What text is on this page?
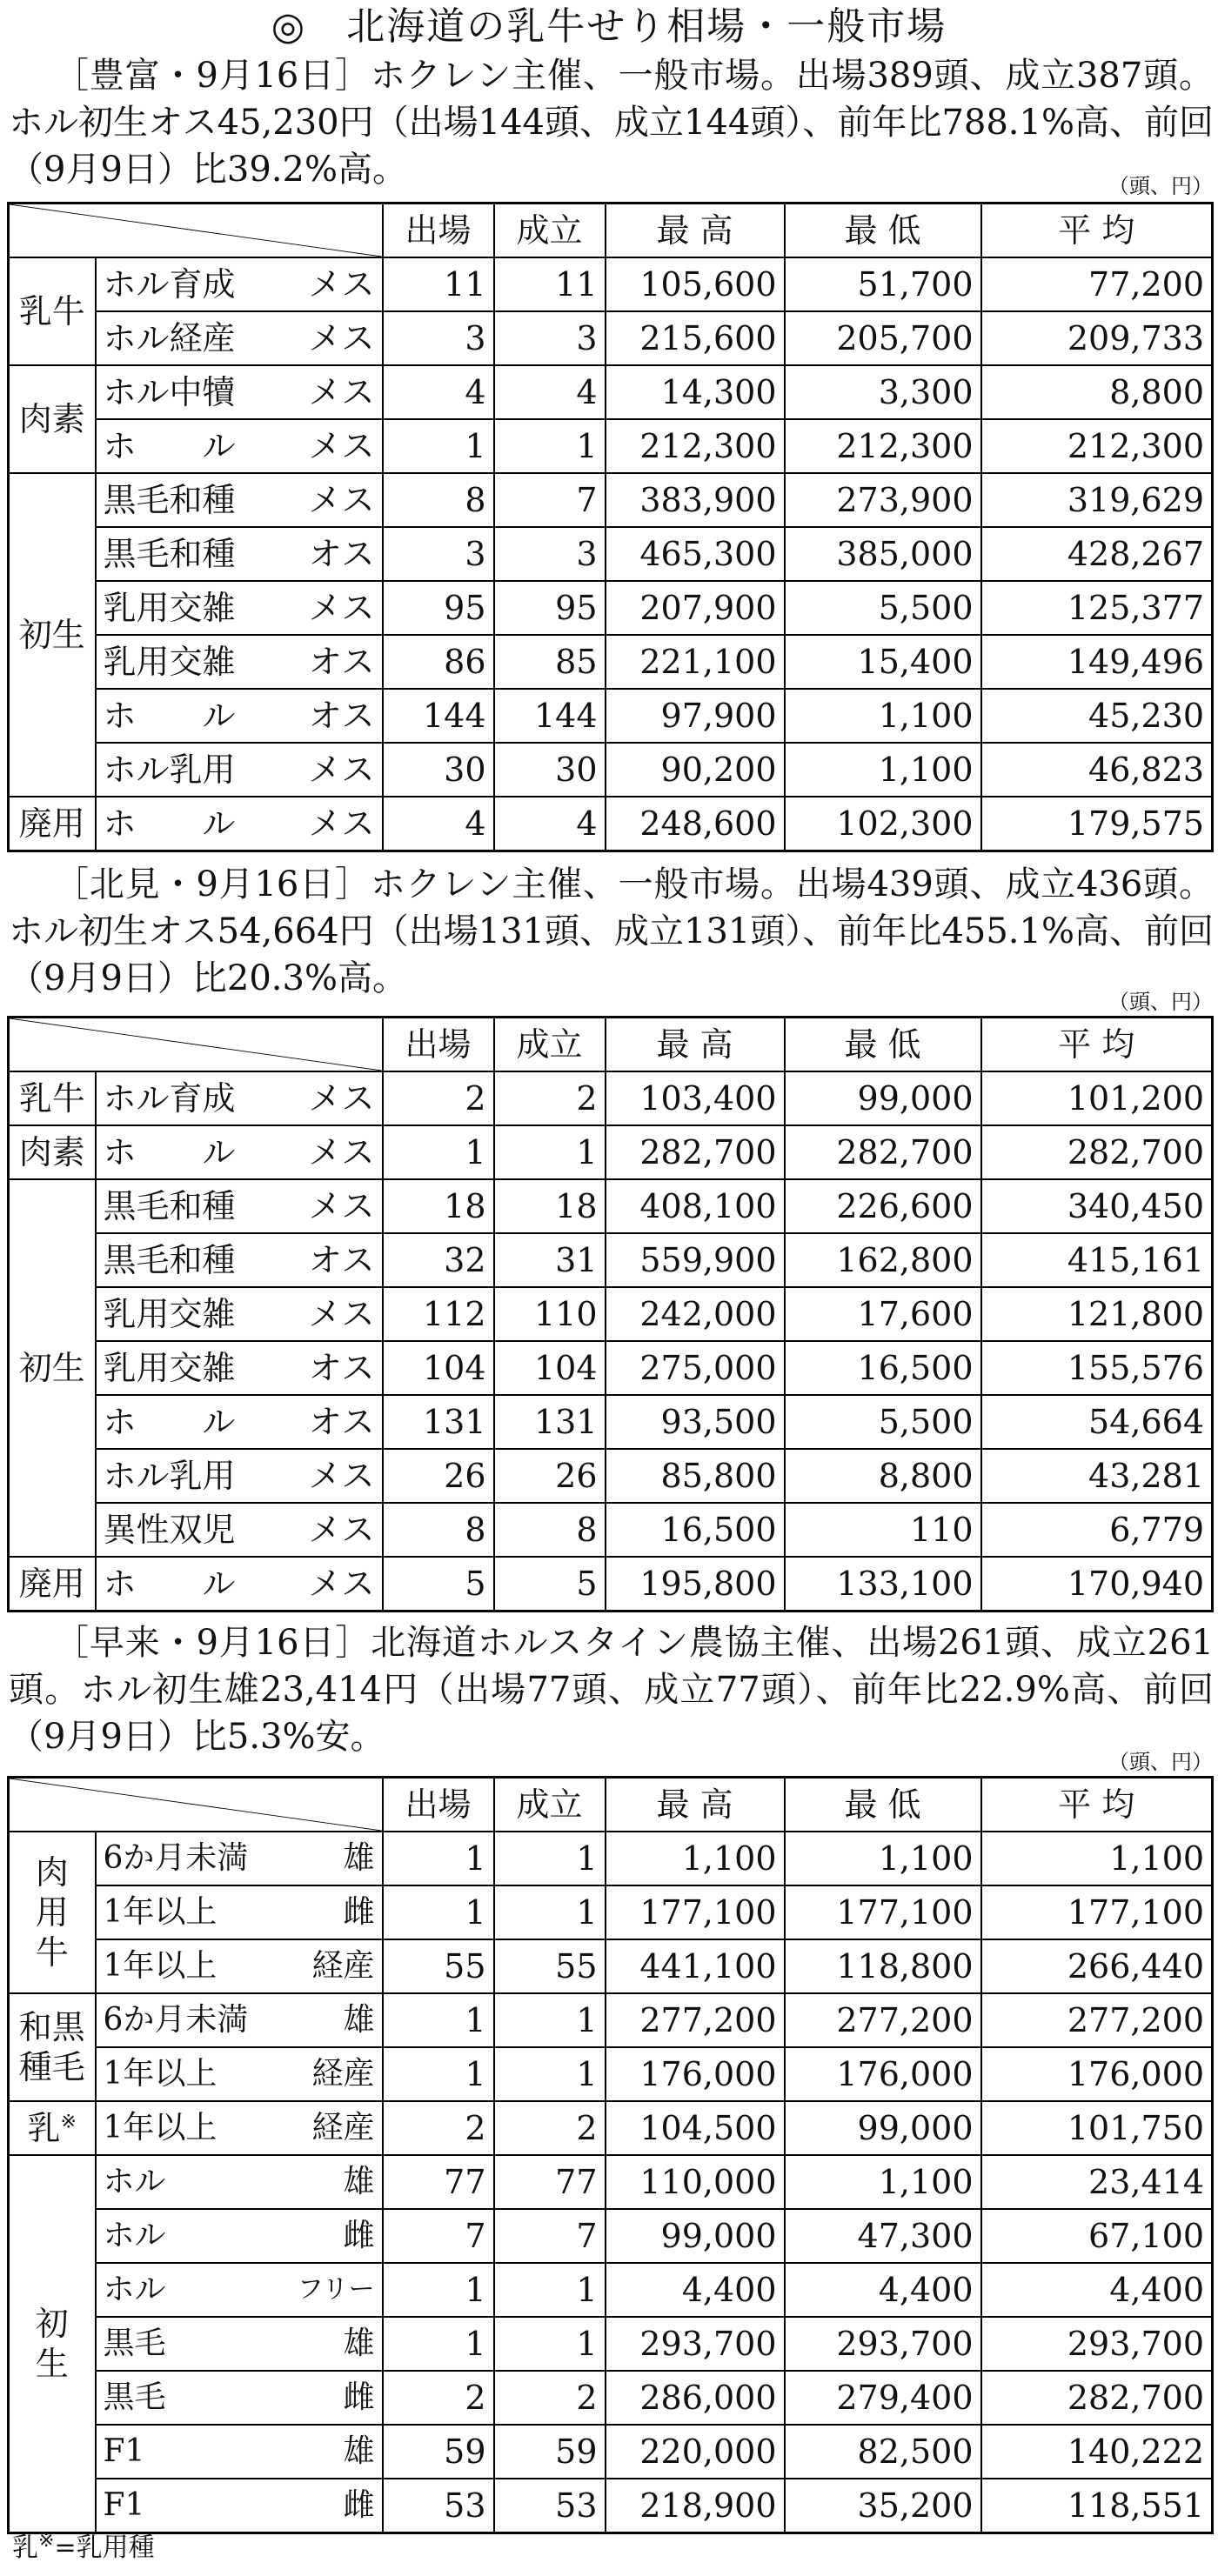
◎　北海道の乳牛せり相場・一般市場
［豊富・9月16日］ホクレン主催、一般市場。出場389頭、成立387頭。ホル初生オス45,230円（出場144頭、成立144頭）、前年比788.1%高、前回（9月9日）比39.2%高。	（頭、円）
	出場	成立	最 高	最 低	平 均
乳牛	ホル育成 メス	11	11	105,600	51,700	77,200
	ホル経産 メス	3	3	215,600	205,700	209,733
肉素	ホル中犢 メス	4	4	14,300	3,300	8,800
	ホ　　ル メス	1	1	212,300	212,300	212,300
初生	黒毛和種 メス	8	7	383,900	273,900	319,629
	黒毛和種 オス	3	3	465,300	385,000	428,267
	乳用交雑 メス	95	95	207,900	5,500	125,377
	乳用交雑 オス	86	85	221,100	15,400	149,496
	ホ　　ル オス	144	144	97,900	1,100	45,230
	ホル乳用 メス	30	30	90,200	1,100	46,823
廃用	ホ　　ル メス	4	4	248,600	102,300	179,575
［北見・9月16日］ホクレン主催、一般市場。出場439頭、成立436頭。ホル初生オス54,664円（出場131頭、成立131頭）、前年比455.1%高、前回（9月9日）比20.3%高。
（頭、円）
	出場	成立	最 高	最 低	平 均
乳牛	ホル育成 メス	2	2	103,400	99,000	101,200
肉素	ホ　　ル メス	1	1	282,700	282,700	282,700
初生	黒毛和種 メス	18	18	408,100	226,600	340,450
	黒毛和種 オス	32	31	559,900	162,800	415,161
	乳用交雑 メス	112	110	242,000	17,600	121,800
	乳用交雑 オス	104	104	275,000	16,500	155,576
	ホ　　ル オス	131	131	93,500	5,500	54,664
	ホル乳用 メス	26	26	85,800	8,800	43,281
	異性双児 メス	8	8	16,500	110	6,779
廃用	ホ　　ル メス	5	5	195,800	133,100	170,940
［早来・9月16日］北海道ホルスタイン農協主催、出場261頭、成立261頭。ホル初生雄23,414円（出場77頭、成立77頭）、前年比22.9%高、前回（9月9日）比5.3%安。
（頭、円）
	出場	成立	最 高	最 低	平 均
肉
用
牛	6か月未満 雄	1	1	1,100	1,100	1,100
	1年以上 雌	1	1	177,100	177,100	177,100
	1年以上 経産	55	55	441,100	118,800	266,440
和黒
種毛	6か月未満 雄	1	1	277,200	277,200	277,200
	1年以上 経産	1	1	176,000	176,000	176,000
乳※	1年以上 経産	2	2	104,500	99,000	101,750
初
生	ホル 雄	77	77	110,000	1,100	23,414
	ホル 雌	7	7	99,000	47,300	67,100
	ホル フリー	1	1	4,400	4,400	4,400
	黒毛 雄	1	1	293,700	293,700	293,700
	黒毛 雌	2	2	286,000	279,400	282,700
	F1 雄	59	59	220,000	82,500	140,222
	F1 雌	53	53	218,900	35,200	118,551
乳※=乳用種
